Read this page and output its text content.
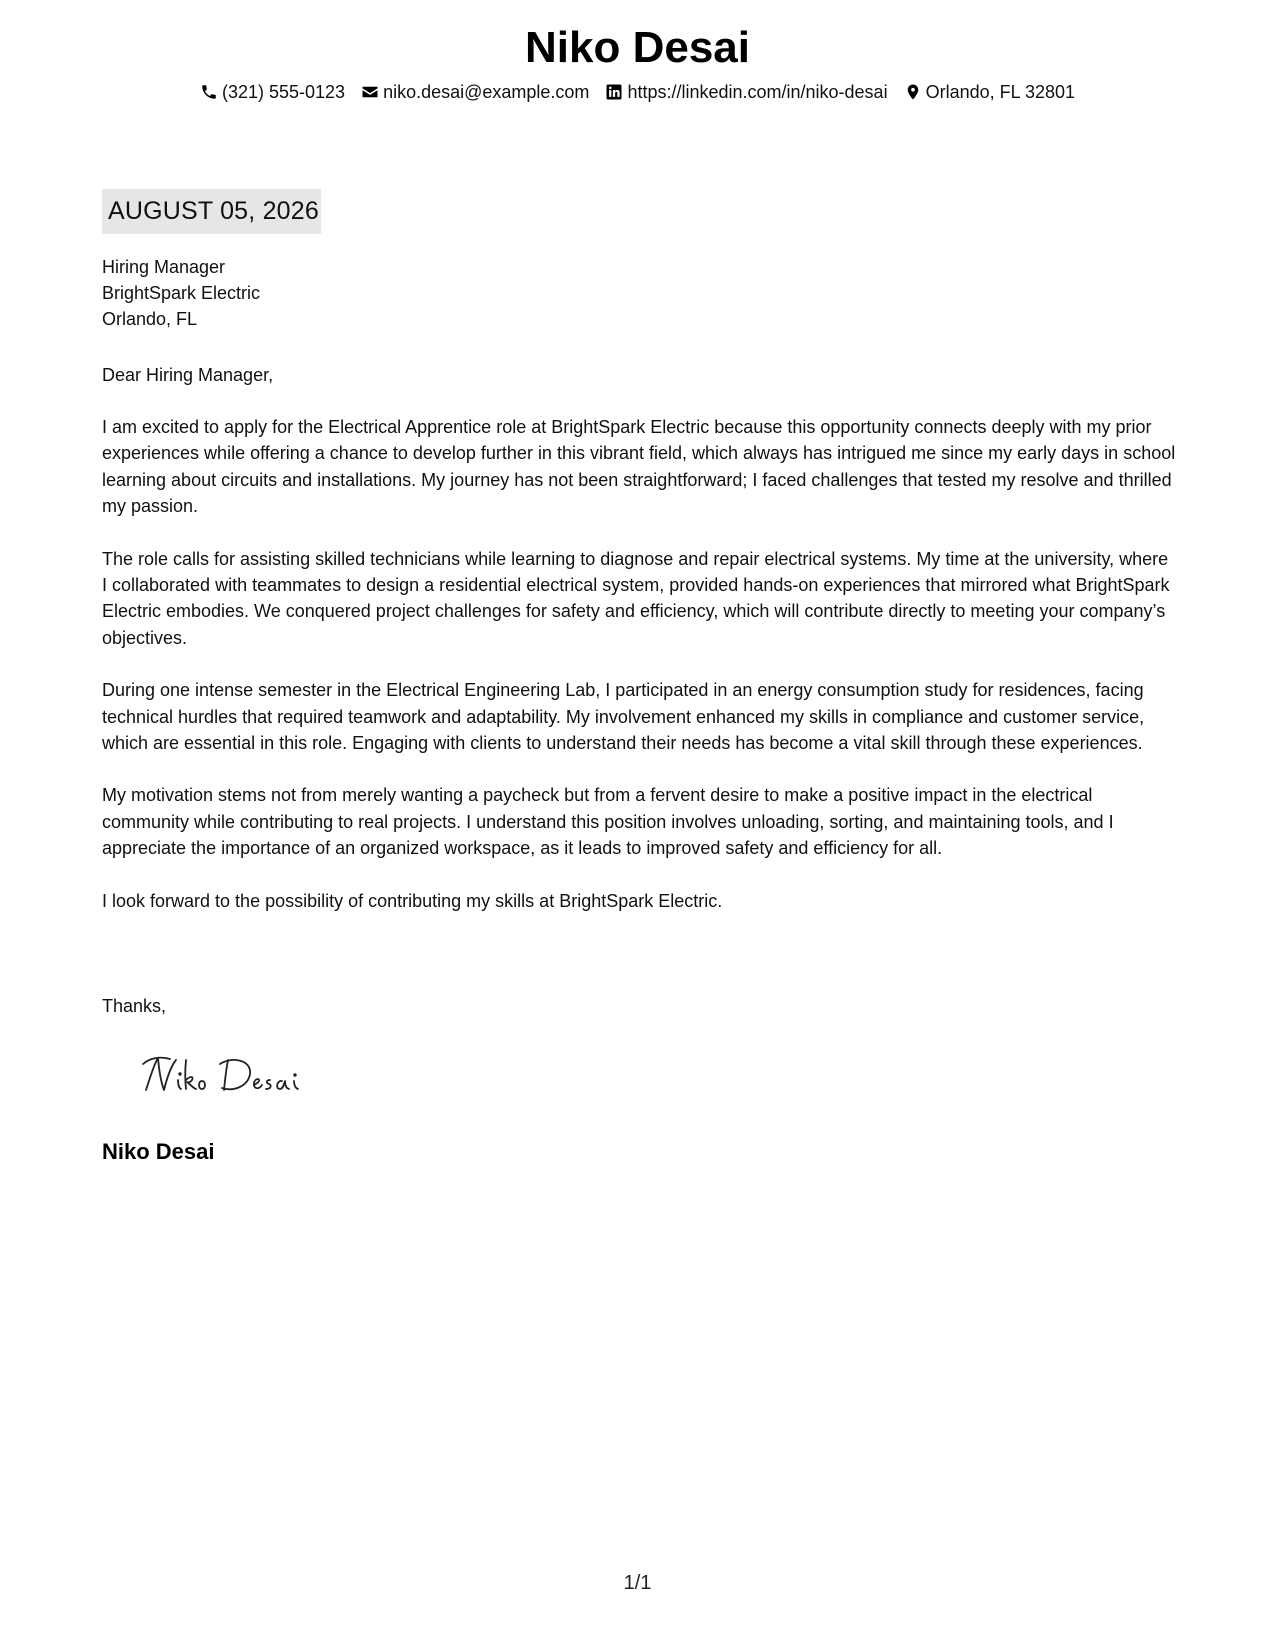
Niko Desai
(321) 555-0123 niko.desai@example.com https://linkedin.com/in/niko-desai Orlando, FL 32801
AUGUST 05, 2026
Hiring Manager
BrightSpark Electric
Orlando, FL
Dear Hiring Manager,

I am excited to apply for the Electrical Apprentice role at BrightSpark Electric because this opportunity connects deeply with my prior experiences while offering a chance to develop further in this vibrant field, which always has intrigued me since my early days in school learning about circuits and installations. My journey has not been straightforward; I faced challenges that tested my resolve and thrilled my passion.

The role calls for assisting skilled technicians while learning to diagnose and repair electrical systems. My time at the university, where I collaborated with teammates to design a residential electrical system, provided hands-on experiences that mirrored what BrightSpark Electric embodies. We conquered project challenges for safety and efficiency, which will contribute directly to meeting your company’s objectives.

During one intense semester in the Electrical Engineering Lab, I participated in an energy consumption study for residences, facing technical hurdles that required teamwork and adaptability. My involvement enhanced my skills in compliance and customer service, which are essential in this role. Engaging with clients to understand their needs has become a vital skill through these experiences.

My motivation stems not from merely wanting a paycheck but from a fervent desire to make a positive impact in the electrical community while contributing to real projects. I understand this position involves unloading, sorting, and maintaining tools, and I appreciate the importance of an organized workspace, as it leads to improved safety and efficiency for all.

I look forward to the possibility of contributing my skills at BrightSpark Electric.

Thanks,
Niko Desai
1/1
